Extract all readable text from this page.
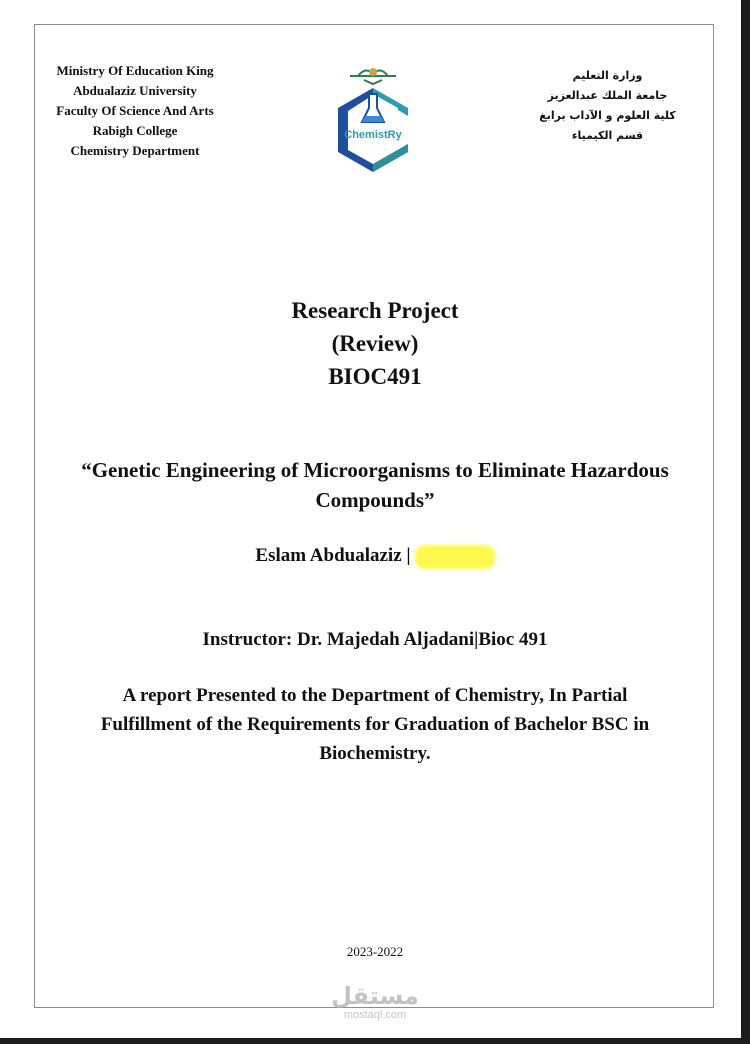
Ministry Of Education King
Abdualaziz University
Faculty Of Science And Arts
Rabigh College
Chemistry Department
ChemistRy
وزارة التعليم
جامعة الملك عبدالعزيز
كلية العلوم و الآداب برابغ
قسم الكيمياء
Research Project
(Review)
BIOC491
“Genetic Engineering of Microorganisms to Eliminate Hazardous
Compounds”
Eslam Abdualaziz |
Instructor: Dr. Majedah Aljadani|Bioc 491
A report Presented to the Department of Chemistry, In Partial
Fulfillment of the Requirements for Graduation of Bachelor BSC in
Biochemistry.
2023-2022
مستقل
mostaql.com
